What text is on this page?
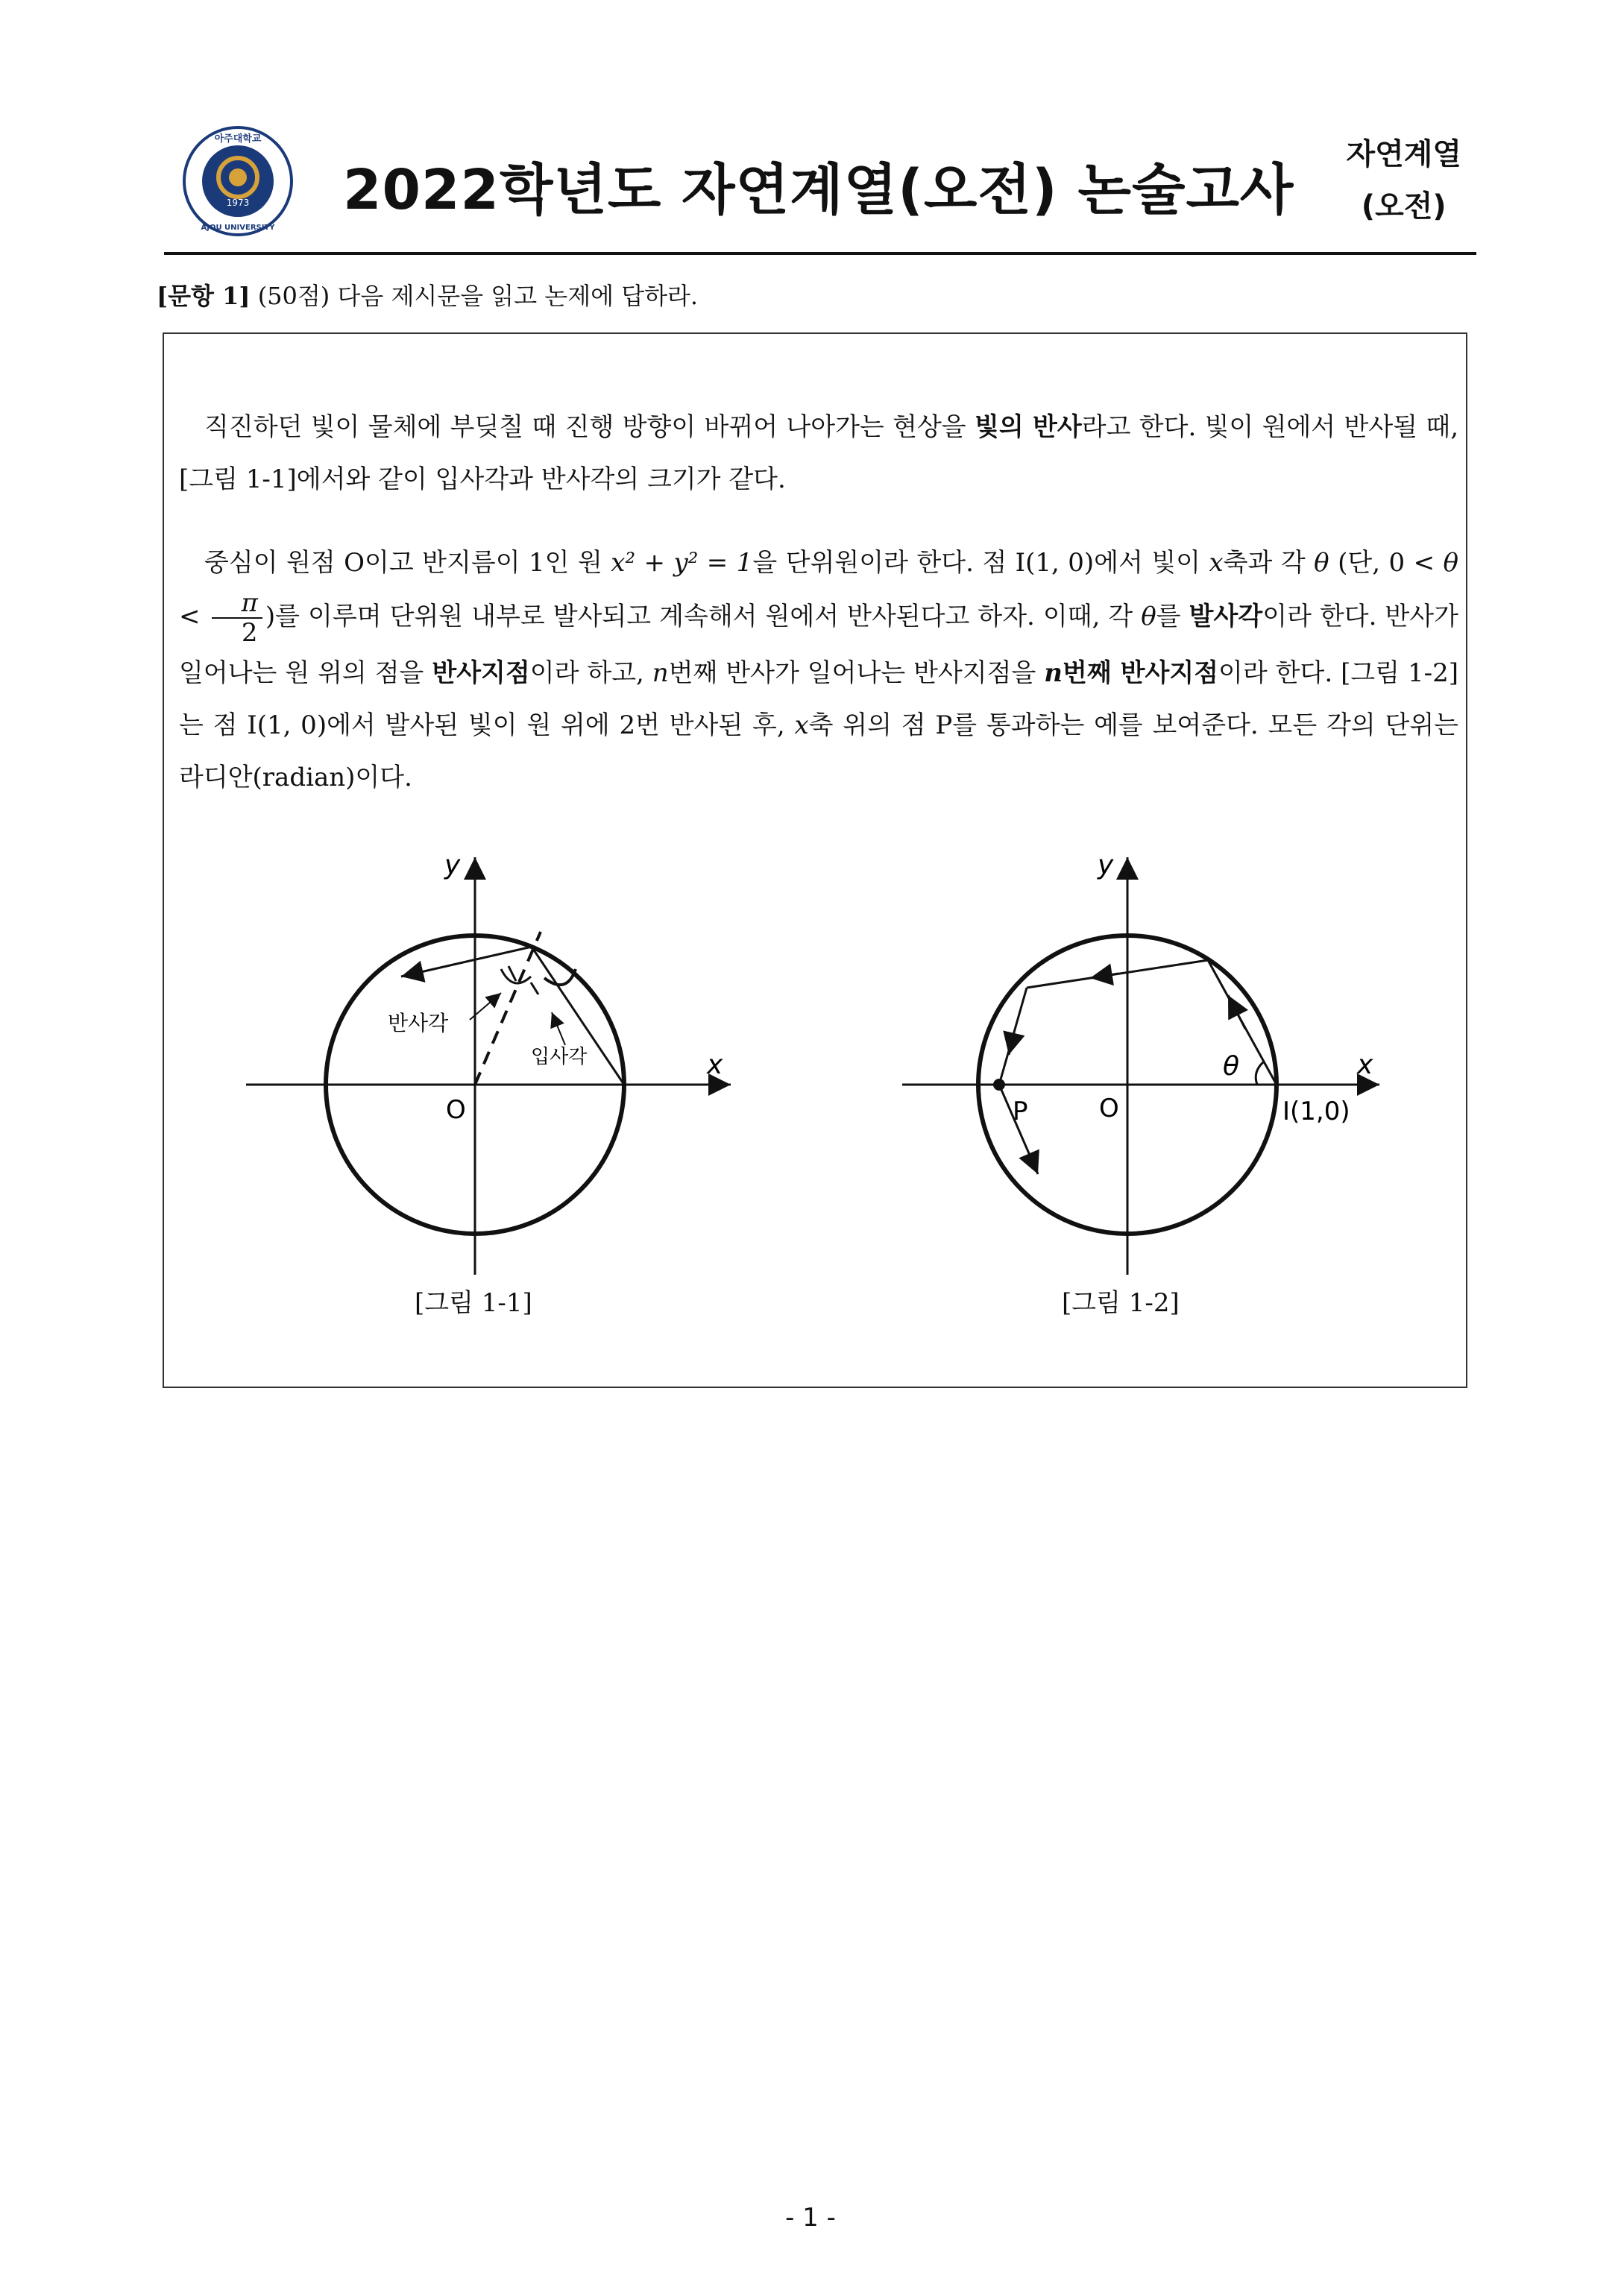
1973
아주대학교
AJOU UNIVERSITY
2022학년도 자연계열(오전) 논술고사
자연계열
(오전)
[문항 1] (50점) 다음 제시문을 읽고 논제에 답하라.
직진하던 빛이 물체에 부딪칠 때 진행 방향이 바뀌어 나아가는 현상을 빛의 반사라고 한다. 빛이 원에서 반사될 때, [그림 1-1]에서와 같이 입사각과 반사각의 크기가 같다.
중심이 원점 O이고 반지름이 1인 원 x² + y² = 1을 단위원이라 한다. 점 I(1, 0)에서 빛이 x축과 각 θ (단, $0 < \theta < \frac{\pi}{2}$ )를 이루며 단위원 내부로 발사되고 계속해서 원에서 반사된다고 하자. 이때, 각 θ를 발사각이라 한다. 반사가 일어나는 원 위의 점을 반사지점이라 하고, n번째 반사가 일어나는 반사지점을 n번째 반사지점이라 한다. [그림 1-2]는 점 I(1, 0)에서 발사된 빛이 원 위에 2번 반사된 후, x축 위의 점 P를 통과하는 예를 보여준다. 모든 각의 단위는 라디안(radian)이다.
반사각
입사각
O
x
y
[그림 1-1]
θ
P	O	I(1,0)
x
y
[그림 1-2]
- 1 -
